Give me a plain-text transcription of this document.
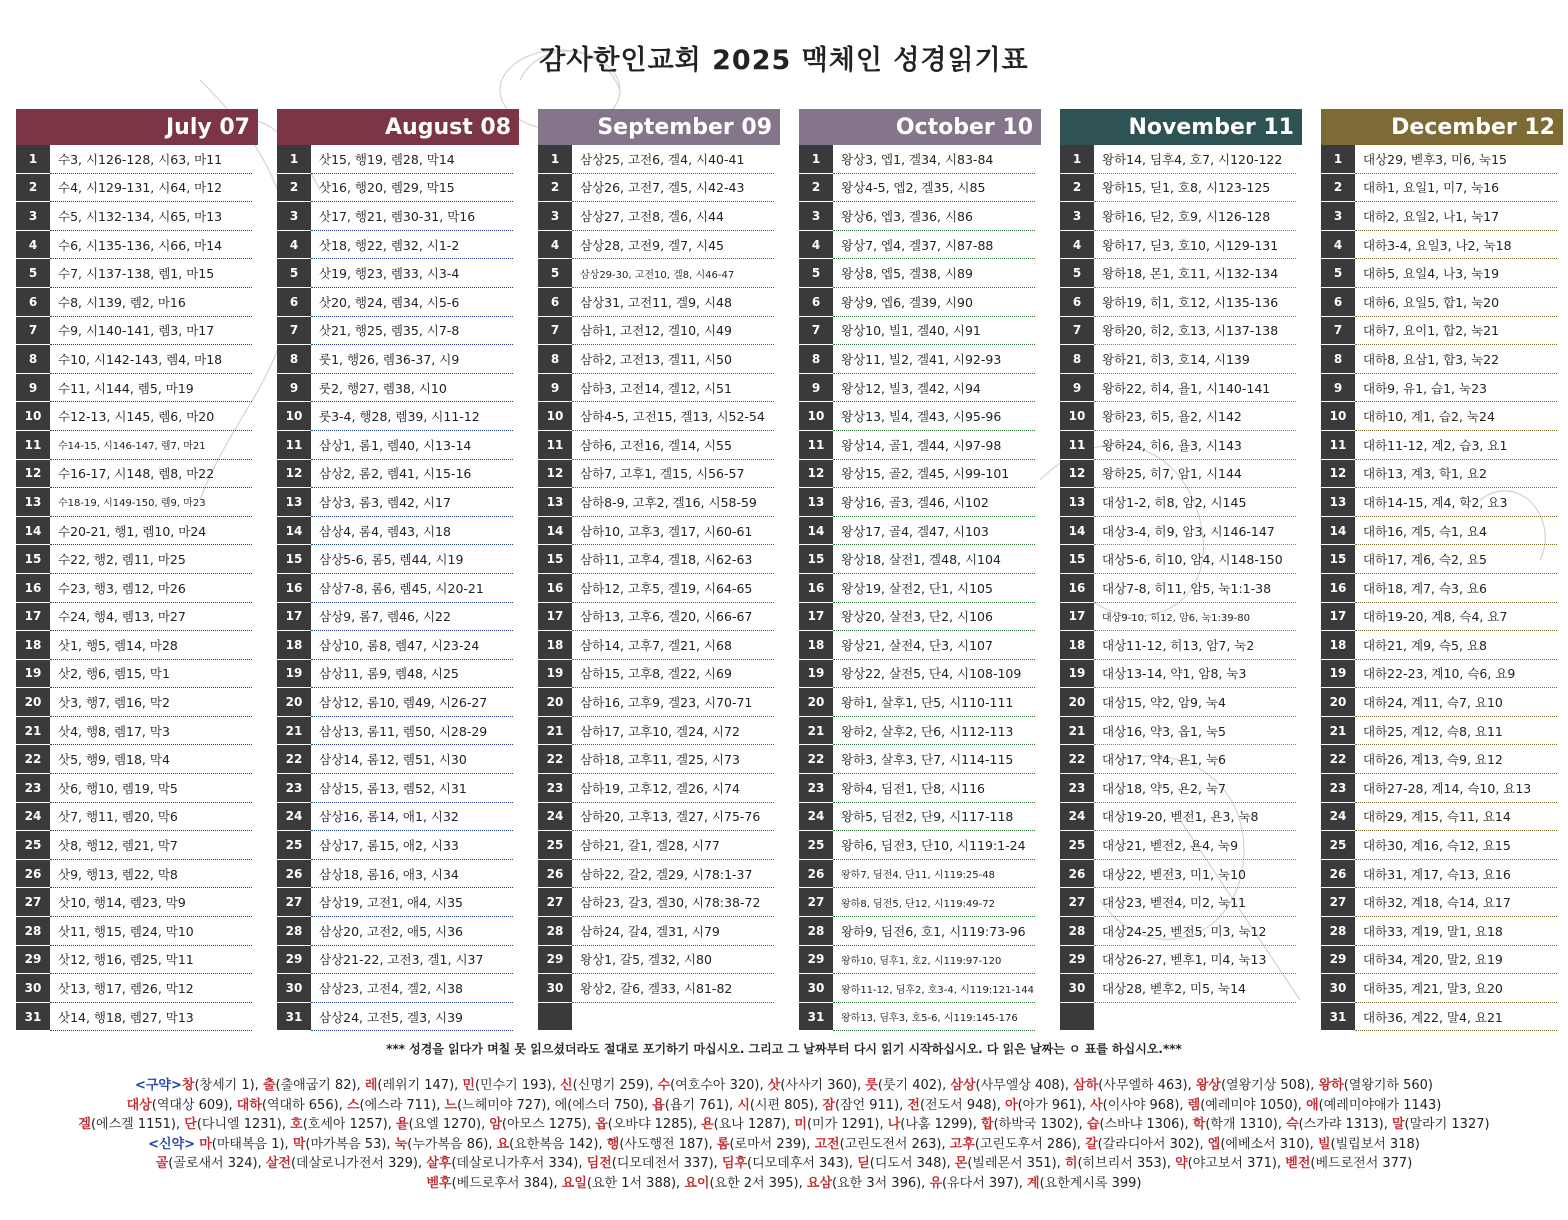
감사한인교회 2025 맥체인 성경읽기표
July 07
1	수3, 시126-128, 시63, 마11
2	수4, 시129-131, 시64, 마12
3	수5, 시132-134, 시65, 마13
4	수6, 시135-136, 시66, 마14
5	수7, 시137-138, 렘1, 마15
6	수8, 시139, 렘2, 마16
7	수9, 시140-141, 렘3, 마17
8	수10, 시142-143, 렘4, 마18
9	수11, 시144, 렘5, 마19
10	수12-13, 시145, 렘6, 마20
11	수14-15, 시146-147, 렘7, 마21
12	수16-17, 시148, 렘8, 마22
13	수18-19, 시149-150, 렘9, 마23
14	수20-21, 행1, 렘10, 마24
15	수22, 행2, 렘11, 마25
16	수23, 행3, 렘12, 마26
17	수24, 행4, 렘13, 마27
18	삿1, 행5, 렘14, 마28
19	삿2, 행6, 렘15, 막1
20	삿3, 행7, 렘16, 막2
21	삿4, 행8, 렘17, 막3
22	삿5, 행9, 렘18, 막4
23	삿6, 행10, 렘19, 막5
24	삿7, 행11, 렘20, 막6
25	삿8, 행12, 렘21, 막7
26	삿9, 행13, 렘22, 막8
27	삿10, 행14, 렘23, 막9
28	삿11, 행15, 렘24, 막10
29	삿12, 행16, 렘25, 막11
30	삿13, 행17, 렘26, 막12
31	삿14, 행18, 렘27, 막13
August 08
1	삿15, 행19, 렘28, 막14
2	삿16, 행20, 렘29, 막15
3	삿17, 행21, 렘30-31, 막16
4	삿18, 행22, 렘32, 시1-2
5	삿19, 행23, 렘33, 시3-4
6	삿20, 행24, 렘34, 시5-6
7	삿21, 행25, 렘35, 시7-8
8	룻1, 행26, 렘36-37, 시9
9	룻2, 행27, 렘38, 시10
10	룻3-4, 행28, 렘39, 시11-12
11	삼상1, 롬1, 렘40, 시13-14
12	삼상2, 롬2, 렘41, 시15-16
13	삼상3, 롬3, 렘42, 시17
14	삼상4, 롬4, 렘43, 시18
15	삼상5-6, 롬5, 렘44, 시19
16	삼상7-8, 롬6, 렘45, 시20-21
17	삼상9, 롬7, 렘46, 시22
18	삼상10, 롬8, 렘47, 시23-24
19	삼상11, 롬9, 렘48, 시25
20	삼상12, 롬10, 렘49, 시26-27
21	삼상13, 롬11, 렘50, 시28-29
22	삼상14, 롬12, 렘51, 시30
23	삼상15, 롬13, 렘52, 시31
24	삼상16, 롬14, 애1, 시32
25	삼상17, 롬15, 애2, 시33
26	삼상18, 롬16, 애3, 시34
27	삼상19, 고전1, 애4, 시35
28	삼상20, 고전2, 애5, 시36
29	삼상21-22, 고전3, 겔1, 시37
30	삼상23, 고전4, 겔2, 시38
31	삼상24, 고전5, 겔3, 시39
September 09
1	삼상25, 고전6, 겔4, 시40-41
2	삼상26, 고전7, 겔5, 시42-43
3	삼상27, 고전8, 겔6, 시44
4	삼상28, 고전9, 겔7, 시45
5	삼상29-30, 고전10, 겔8, 시46-47
6	삼상31, 고전11, 겔9, 시48
7	삼하1, 고전12, 겔10, 시49
8	삼하2, 고전13, 겔11, 시50
9	삼하3, 고전14, 겔12, 시51
10	삼하4-5, 고전15, 겔13, 시52-54
11	삼하6, 고전16, 겔14, 시55
12	삼하7, 고후1, 겔15, 시56-57
13	삼하8-9, 고후2, 겔16, 시58-59
14	삼하10, 고후3, 겔17, 시60-61
15	삼하11, 고후4, 겔18, 시62-63
16	삼하12, 고후5, 겔19, 시64-65
17	삼하13, 고후6, 겔20, 시66-67
18	삼하14, 고후7, 겔21, 시68
19	삼하15, 고후8, 겔22, 시69
20	삼하16, 고후9, 겔23, 시70-71
21	삼하17, 고후10, 겔24, 시72
22	삼하18, 고후11, 겔25, 시73
23	삼하19, 고후12, 겔26, 시74
24	삼하20, 고후13, 겔27, 시75-76
25	삼하21, 갈1, 겔28, 시77
26	삼하22, 갈2, 겔29, 시78:1-37
27	삼하23, 갈3, 겔30, 시78:38-72
28	삼하24, 갈4, 겔31, 시79
29	왕상1, 갈5, 겔32, 시80
30	왕상2, 갈6, 겔33, 시81-82
October 10
1	왕상3, 엡1, 겔34, 시83-84
2	왕상4-5, 엡2, 겔35, 시85
3	왕상6, 엡3, 겔36, 시86
4	왕상7, 엡4, 겔37, 시87-88
5	왕상8, 엡5, 겔38, 시89
6	왕상9, 엡6, 겔39, 시90
7	왕상10, 빌1, 겔40, 시91
8	왕상11, 빌2, 겔41, 시92-93
9	왕상12, 빌3, 겔42, 시94
10	왕상13, 빌4, 겔43, 시95-96
11	왕상14, 골1, 겔44, 시97-98
12	왕상15, 골2, 겔45, 시99-101
13	왕상16, 골3, 겔46, 시102
14	왕상17, 골4, 겔47, 시103
15	왕상18, 살전1, 겔48, 시104
16	왕상19, 살전2, 단1, 시105
17	왕상20, 살전3, 단2, 시106
18	왕상21, 살전4, 단3, 시107
19	왕상22, 살전5, 단4, 시108-109
20	왕하1, 살후1, 단5, 시110-111
21	왕하2, 살후2, 단6, 시112-113
22	왕하3, 살후3, 단7, 시114-115
23	왕하4, 딤전1, 단8, 시116
24	왕하5, 딤전2, 단9, 시117-118
25	왕하6, 딤전3, 단10, 시119:1-24
26	왕하7, 딤전4, 단11, 시119:25-48
27	왕하8, 딤전5, 단12, 시119:49-72
28	왕하9, 딤전6, 호1, 시119:73-96
29	왕하10, 딤후1, 호2, 시119:97-120
30	왕하11-12, 딤후2, 호3-4, 시119:121-144
31	왕하13, 딤후3, 호5-6, 시119:145-176
November 11
1	왕하14, 딤후4, 호7, 시120-122
2	왕하15, 딛1, 호8, 시123-125
3	왕하16, 딛2, 호9, 시126-128
4	왕하17, 딛3, 호10, 시129-131
5	왕하18, 몬1, 호11, 시132-134
6	왕하19, 히1, 호12, 시135-136
7	왕하20, 히2, 호13, 시137-138
8	왕하21, 히3, 호14, 시139
9	왕하22, 히4, 욜1, 시140-141
10	왕하23, 히5, 욜2, 시142
11	왕하24, 히6, 욜3, 시143
12	왕하25, 히7, 암1, 시144
13	대상1-2, 히8, 암2, 시145
14	대상3-4, 히9, 암3, 시146-147
15	대상5-6, 히10, 암4, 시148-150
16	대상7-8, 히11, 암5, 눅1:1-38
17	대상9-10, 히12, 암6, 눅1:39-80
18	대상11-12, 히13, 암7, 눅2
19	대상13-14, 약1, 암8, 눅3
20	대상15, 약2, 암9, 눅4
21	대상16, 약3, 옵1, 눅5
22	대상17, 약4, 욘1, 눅6
23	대상18, 약5, 욘2, 눅7
24	대상19-20, 벧전1, 욘3, 눅8
25	대상21, 벧전2, 욘4, 눅9
26	대상22, 벧전3, 미1, 눅10
27	대상23, 벧전4, 미2, 눅11
28	대상24-25, 벧전5, 미3, 눅12
29	대상26-27, 벧후1, 미4, 눅13
30	대상28, 벧후2, 미5, 눅14
December 12
1	대상29, 벧후3, 미6, 눅15
2	대하1, 요일1, 미7, 눅16
3	대하2, 요일2, 나1, 눅17
4	대하3-4, 요일3, 나2, 눅18
5	대하5, 요일4, 나3, 눅19
6	대하6, 요일5, 합1, 눅20
7	대하7, 요이1, 합2, 눅21
8	대하8, 요삼1, 합3, 눅22
9	대하9, 유1, 습1, 눅23
10	대하10, 계1, 습2, 눅24
11	대하11-12, 계2, 습3, 요1
12	대하13, 계3, 학1, 요2
13	대하14-15, 계4, 학2, 요3
14	대하16, 계5, 슥1, 요4
15	대하17, 계6, 슥2, 요5
16	대하18, 계7, 슥3, 요6
17	대하19-20, 계8, 슥4, 요7
18	대하21, 계9, 슥5, 요8
19	대하22-23, 계10, 슥6, 요9
20	대하24, 계11, 슥7, 요10
21	대하25, 계12, 슥8, 요11
22	대하26, 계13, 슥9, 요12
23	대하27-28, 계14, 슥10, 요13
24	대하29, 계15, 슥11, 요14
25	대하30, 계16, 슥12, 요15
26	대하31, 계17, 슥13, 요16
27	대하32, 계18, 슥14, 요17
28	대하33, 계19, 말1, 요18
29	대하34, 계20, 말2, 요19
30	대하35, 계21, 말3, 요20
31	대하36, 계22, 말4, 요21
*** 성경을 읽다가 며칠 못 읽으셨더라도 절대로 포기하기 마십시오. 그리고 그 날짜부터 다시 읽기 시작하십시오. 다 읽은 날짜는 ㅇ 표를 하십시오.***
<구약>창(창세기 1), 출(출애굽기 82), 레(레위기 147), 민(민수기 193), 신(신명기 259), 수(여호수아 320), 삿(사사기 360), 룻(룻기 402), 삼상(사무엘상 408), 삼하(사무엘하 463), 왕상(열왕기상 508), 왕하(열왕기하 560)
대상(역대상 609), 대하(역대하 656), 스(에스라 711), 느(느헤미야 727), 에(에스더 750), 욥(욥기 761), 시(시편 805), 잠(잠언 911), 전(전도서 948), 아(아가 961), 사(이사야 968), 렘(예레미야 1050), 애(예레미야애가 1143)
겔(에스겔 1151), 단(다니엘 1231), 호(호세아 1257), 욜(요엘 1270), 암(아모스 1275), 옵(오바댜 1285), 욘(요나 1287), 미(미가 1291), 나(나훔 1299), 합(하박국 1302), 습(스바냐 1306), 학(학개 1310), 슥(스가랴 1313), 말(말라기 1327)
<신약> 마(마태복음 1), 막(마가복음 53), 눅(누가복음 86), 요(요한복음 142), 행(사도행전 187), 롬(로마서 239), 고전(고린도전서 263), 고후(고린도후서 286), 갈(갈라디아서 302), 엡(에베소서 310), 빌(빌립보서 318)
골(골로새서 324), 살전(데살로니가전서 329), 살후(데살로니가후서 334), 딤전(디모데전서 337), 딤후(디모데후서 343), 딛(디도서 348), 몬(빌레몬서 351), 히(히브리서 353), 약(야고보서 371), 벧전(베드로전서 377)
벧후(베드로후서 384), 요일(요한 1서 388), 요이(요한 2서 395), 요삼(요한 3서 396), 유(유다서 397), 계(요한계시록 399)
